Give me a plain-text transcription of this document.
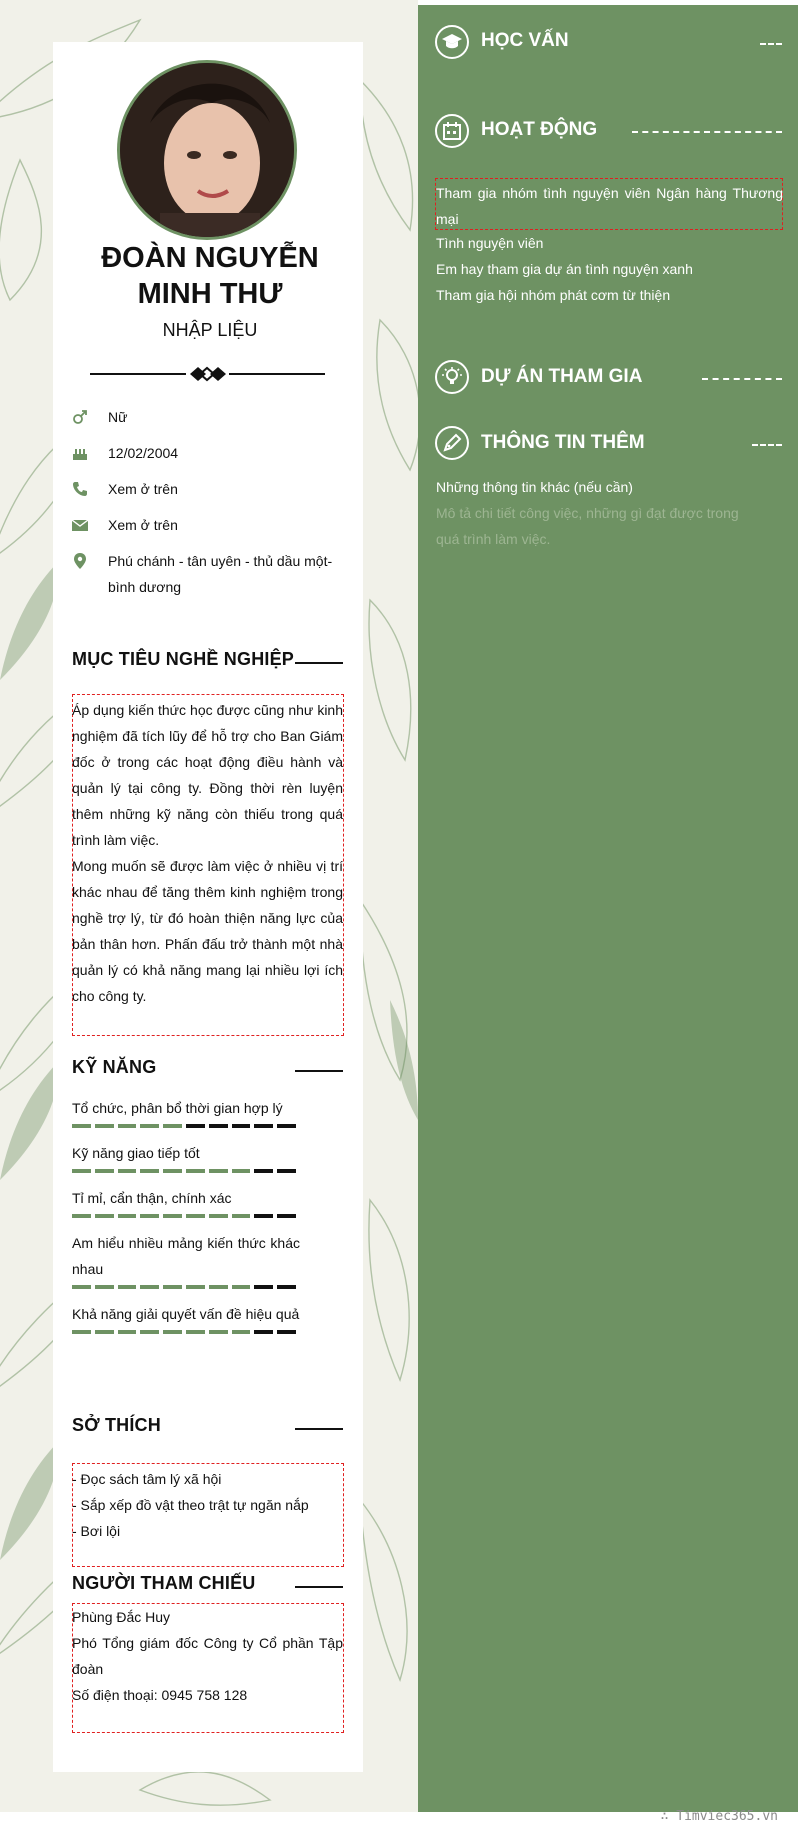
ĐOÀN NGUYỄN
MINH THƯ
NHẬP LIỆU
Nữ
12/02/2004
Xem ở trên
Xem ở trên
Phú chánh - tân uyên - thủ dầu một-
bình dương
MỤC TIÊU NGHỀ NGHIỆP

Áp dụng kiến thức học được cũng như kinh nghiệm đã tích lũy để hỗ trợ cho Ban Giám đốc ở trong các hoạt động điều hành và quản lý tại công ty. Đồng thời rèn luyện thêm những kỹ năng còn thiếu trong quá trình làm việc.

Mong muốn sẽ được làm việc ở nhiều vị trí khác nhau để tăng thêm kinh nghiệm trong nghề trợ lý, từ đó hoàn thiện năng lực của bản thân hơn. Phấn đấu trở thành một nhà quản lý có khả năng mang lại nhiều lợi ích cho công ty.

KỸ NĂNG
Tổ chức, phân bổ thời gian hợp lý
Kỹ năng giao tiếp tốt
Tỉ mỉ, cẩn thận, chính xác
Am hiểu nhiều mảng kiến thức khác nhau
Khả năng giải quyết vấn đề hiệu quả
SỞ THÍCH
- Đọc sách tâm lý xã hội
- Sắp xếp đồ vật theo trật tự ngăn nắp
- Bơi lội
NGƯỜI THAM CHIẾU
Phùng Đắc Huy
Phó Tổng giám đốc Công ty Cổ phần Tập đoàn
Số điện thoại: 0945 758 128
HỌC VẤN
HOẠT ĐỘNG
Tham gia nhóm tình nguyện viên Ngân hàng Thương mại
Tình nguyện viên
Em hay tham gia dự án tình nguyện xanh
Tham gia hội nhóm phát cơm từ thiện
DỰ ÁN THAM GIA
THÔNG TIN THÊM
Những thông tin khác (nếu cần)
Mô tả chi tiết công việc, những gì đạt được trong
quá trình làm việc.
∴ Timviec365.vn
